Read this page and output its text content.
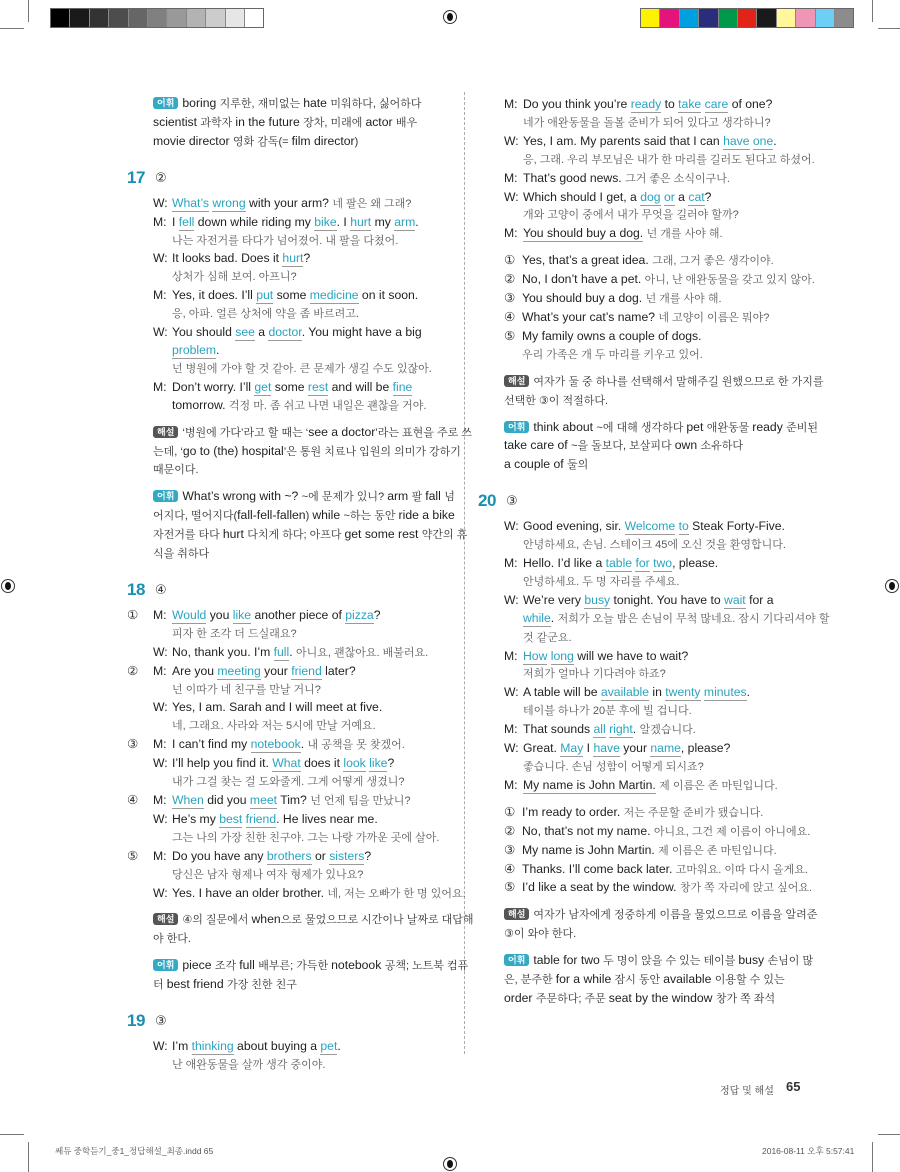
어휘 boring 지루한, 재미없는 hate 미워하다, 싫어하다
scientist 과학자 in the future 장차, 미래에 actor 배우
movie director 영화 감독(= film director)
17 ②
W: What’s wrong with your arm? 네 팔은 왜 그래?
M: I fell down while riding my bike. I hurt my arm.
나는 자전거를 타다가 넘어졌어. 내 팔을 다쳤어.
W: It looks bad. Does it hurt?
상처가 심해 보여. 아프니?
M: Yes, it does. I’ll put some medicine on it soon.
응, 아파. 얼른 상처에 약을 좀 바르려고.
W: You should see a doctor. You might have a big
problem.
넌 병원에 가야 할 것 같아. 큰 문제가 생길 수도 있잖아.
M: Don’t worry. I’ll get some rest and will be fine
tomorrow. 걱정 마. 좀 쉬고 나면 내일은 괜찮을 거야.
해설 ‘병원에 가다’라고 할 때는 ‘see a doctor’라는 표현을 주로 쓰
는데, ‘go to (the) hospital’은 통원 치료나 입원의 의미가 강하기
때문이다.
어휘 What’s wrong with ~? ~에 문제가 있니? arm 팔 fall 넘
어지다, 떨어지다(fall-fell-fallen) while ~하는 동안 ride a bike
자전거를 타다 hurt 다치게 하다; 아프다 get some rest 약간의 휴
식을 취하다
18 ④
①	M: Would you like another piece of pizza?
피자 한 조각 더 드실래요?
W: No, thank you. I’m full. 아니요, 괜찮아요. 배불러요.
②	M: Are you meeting your friend later?
넌 이따가 네 친구를 만날 거니?
W: Yes, I am. Sarah and I will meet at five.
네, 그래요. 사라와 저는 5시에 만날 거예요.
③	M: I can’t find my notebook. 내 공책을 못 찾겠어.
W: I’ll help you find it. What does it look like?
내가 그걸 찾는 걸 도와줄게. 그게 어떻게 생겼니?
④	M: When did you meet Tim? 넌 언제 팀을 만났니?
W: He’s my best friend. He lives near me.
그는 나의 가장 친한 친구야. 그는 나랑 가까운 곳에 살아.
⑤	M: Do you have any brothers or sisters?
당신은 남자 형제나 여자 형제가 있나요?
W: Yes. I have an older brother. 네, 저는 오빠가 한 명 있어요.
해설 ④의 질문에서 when으로 물었으므로 시간이나 날짜로 대답해
야 한다.
어휘 piece 조각 full 배부른; 가득한 notebook 공책; 노트북 컴퓨
터 best friend 가장 친한 친구
19 ③
W: I’m thinking about buying a pet.
난 애완동물을 살까 생각 중이야.
M: Do you think you’re ready to take care of one?
네가 애완동물을 돌볼 준비가 되어 있다고 생각하니?
W: Yes, I am. My parents said that I can have one.
응, 그래. 우리 부모님은 내가 한 마리를 길러도 된다고 하셨어.
M: That’s good news. 그거 좋은 소식이구나.
W: Which should I get, a dog or a cat?
개와 고양이 중에서 내가 무엇을 길러야 할까?
M: You should buy a dog. 넌 개를 사야 해.
① Yes, that’s a great idea. 그래, 그거 좋은 생각이야.
② No, I don’t have a pet. 아니, 난 애완동물을 갖고 있지 않아.
③ You should buy a dog. 넌 개를 사야 해.
④ What’s your cat’s name? 네 고양이 이름은 뭐야?
⑤ My family owns a couple of dogs.
우리 가족은 개 두 마리를 키우고 있어.
해설 여자가 둘 중 하나를 선택해서 말해주길 원했으므로 한 가지를
선택한 ③이 적절하다.
어휘 think about ~에 대해 생각하다 pet 애완동물 ready 준비된
take care of ~을 돌보다, 보살피다 own 소유하다
a couple of 둘의
20 ③
W: Good evening, sir. Welcome to Steak Forty-Five.
안녕하세요, 손님. 스테이크 45에 오신 것을 환영합니다.
M: Hello. I’d like a table for two, please.
안녕하세요. 두 명 자리를 주세요.
W: We’re very busy tonight. You have to wait for a
while. 저희가 오늘 밤은 손님이 무척 많네요. 잠시 기다리셔야 할
것 같군요.
M: How long will we have to wait?
저희가 얼마나 기다려야 하죠?
W: A table will be available in twenty minutes.
테이블 하나가 20분 후에 빌 겁니다.
M: That sounds all right. 알겠습니다.
W: Great. May I have your name, please?
좋습니다. 손님 성함이 어떻게 되시죠?
M: My name is John Martin. 제 이름은 존 마틴입니다.
① I’m ready to order. 저는 주문할 준비가 됐습니다.
② No, that’s not my name. 아니요, 그건 제 이름이 아니에요.
③ My name is John Martin. 제 이름은 존 마틴입니다.
④ Thanks. I’ll come back later. 고마워요. 이따 다시 올게요.
⑤ I’d like a seat by the window. 창가 쪽 자리에 앉고 싶어요.
해설 여자가 남자에게 정중하게 이름을 물었으므로 이름을 알려준
③이 와야 한다.
어휘 table for two 두 명이 앉을 수 있는 테이블 busy 손님이 많
은, 분주한 for a while 잠시 동안 available 이용할 수 있는
order 주문하다; 주문 seat by the window 창가 쪽 좌석
정답 및 해설 65
쎄듀 중학듣기_중1_정답해설_최종.indd 65	2016-08-11 오후 5:57:41
